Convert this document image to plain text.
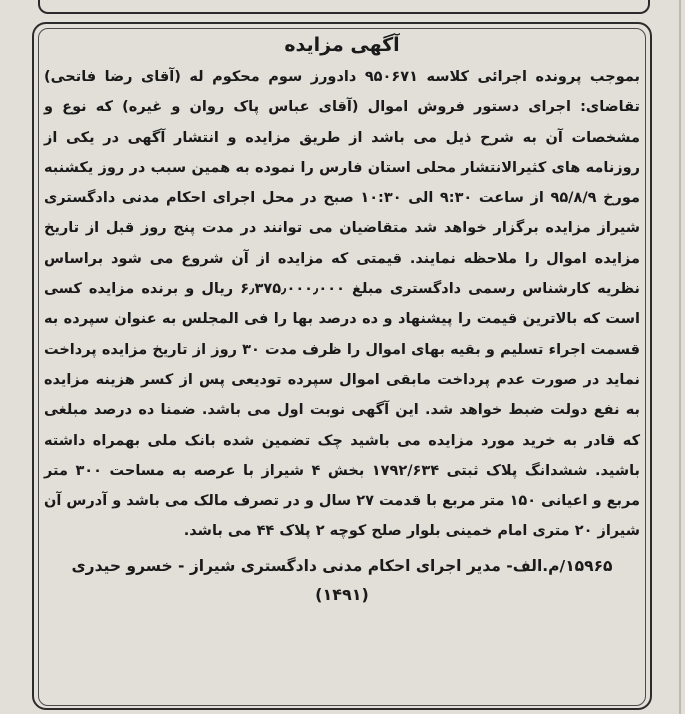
آگهی مزایده
بموجب پرونده اجرائی کلاسه ۹۵۰۶۷۱ دادورز سوم محکوم له (آقای رضا فاتحی) تقاضای: اجرای دستور فروش اموال (آقای عباس پاک روان و غیره) که نوع و مشخصات آن به شرح ذیل می باشد از طریق مزایده و انتشار آگهی در یکی از روزنامه های کثیرالانتشار محلی استان فارس را نموده به همین سبب در روز یکشنبه مورخ ۹۵/۸/۹ از ساعت ۹:۳۰ الی ۱۰:۳۰ صبح در محل اجرای احکام مدنی دادگستری شیراز مزایده برگزار خواهد شد متقاضیان می توانند در مدت پنج روز قبل از تاریخ مزایده اموال را ملاحظه نمایند. قیمتی که مزایده از آن شروع می شود براساس نظریه کارشناس رسمی دادگستری مبلغ ۶٫۳۷۵٫۰۰۰٫۰۰۰ ریال و برنده مزایده کسی است که بالاترین قیمت را پیشنهاد و ده درصد بها را فی المجلس به عنوان سپرده به قسمت اجراء تسلیم و بقیه بهای اموال را ظرف مدت ۳۰ روز از تاریخ مزایده پرداخت نماید در صورت عدم پرداخت مابقی اموال سپرده تودیعی پس از کسر هزینه مزایده به نفع دولت ضبط خواهد شد. این آگهی نوبت اول می باشد. ضمنا ده درصد مبلغی که قادر به خرید مورد مزایده می باشید چک تضمین شده بانک ملی بهمراه داشته باشید. ششدانگ پلاک ثبتی ۱۷۹۲/۶۳۴ بخش ۴ شیراز با عرصه به مساحت ۳۰۰ متر مربع و اعیانی ۱۵۰ متر مربع با قدمت ۲۷ سال و در تصرف مالک می باشد و آدرس آن شیراز ۲۰ متری امام خمینی بلوار صلح کوچه ۲ پلاک ۴۴ می باشد.
۱۵۹۶۵/م.الف- مدیر اجرای احکام مدنی دادگستری شیراز - خسرو حیدری
(۱۴۹۱)
